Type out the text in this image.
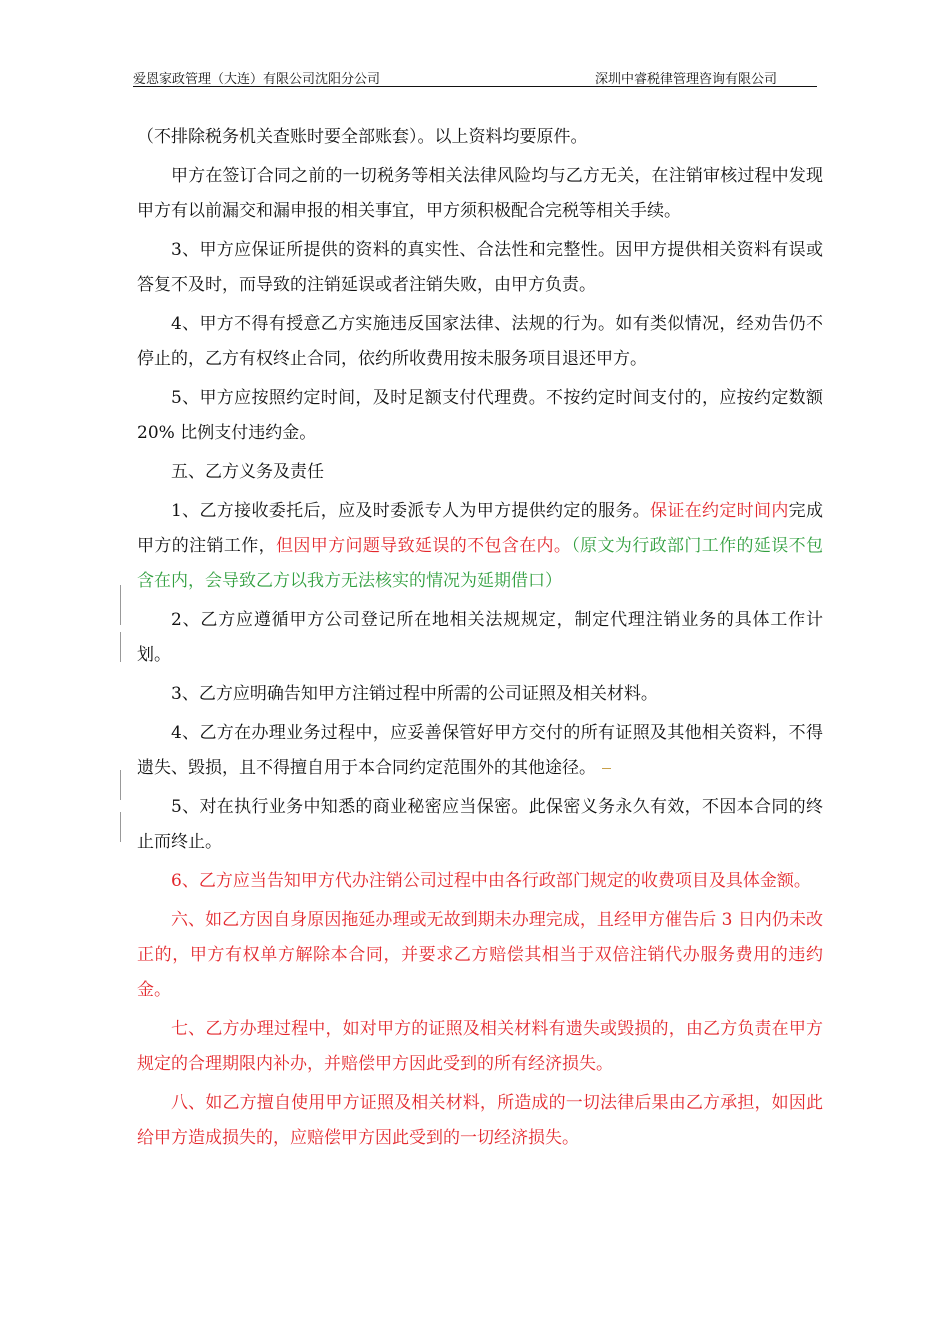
爱恩家政管理（大连）有限公司沈阳分公司	深圳中睿税律管理咨询有限公司

（不排除税务机关查账时要全部账套）。以上资料均要原件。

甲方在签订合同之前的一切税务等相关法律风险均与乙方无关，在注销审核过程中发现甲方有以前漏交和漏申报的相关事宜，甲方须积极配合完税等相关手续。

3、甲方应保证所提供的资料的真实性、合法性和完整性。因甲方提供相关资料有误或答复不及时，而导致的注销延误或者注销失败，由甲方负责。

4、甲方不得有授意乙方实施违反国家法律、法规的行为。如有类似情况，经劝告仍不停止的，乙方有权终止合同，依约所收费用按未服务项目退还甲方。

5、甲方应按照约定时间，及时足额支付代理费。不按约定时间支付的，应按约定数额 20% 比例支付违约金。

五、乙方义务及责任

1、乙方接收委托后，应及时委派专人为甲方提供约定的服务。保证在约定时间内完成甲方的注销工作，但因甲方问题导致延误的不包含在内。（原文为行政部门工作的延误不包含在内，会导致乙方以我方无法核实的情况为延期借口）

2、乙方应遵循甲方公司登记所在地相关法规规定，制定代理注销业务的具体工作计划。

3、乙方应明确告知甲方注销过程中所需的公司证照及相关材料。

4、乙方在办理业务过程中，应妥善保管好甲方交付的所有证照及其他相关资料，不得遗失、毁损，且不得擅自用于本合同约定范围外的其他途径。

5、对在执行业务中知悉的商业秘密应当保密。此保密义务永久有效，不因本合同的终止而终止。

6、乙方应当告知甲方代办注销公司过程中由各行政部门规定的收费项目及具体金额。

六、如乙方因自身原因拖延办理或无故到期未办理完成，且经甲方催告后 3 日内仍未改正的，甲方有权单方解除本合同，并要求乙方赔偿其相当于双倍注销代办服务费用的违约金。

七、乙方办理过程中，如对甲方的证照及相关材料有遗失或毁损的，由乙方负责在甲方规定的合理期限内补办，并赔偿甲方因此受到的所有经济损失。

八、如乙方擅自使用甲方证照及相关材料，所造成的一切法律后果由乙方承担，如因此给甲方造成损失的，应赔偿甲方因此受到的一切经济损失。
